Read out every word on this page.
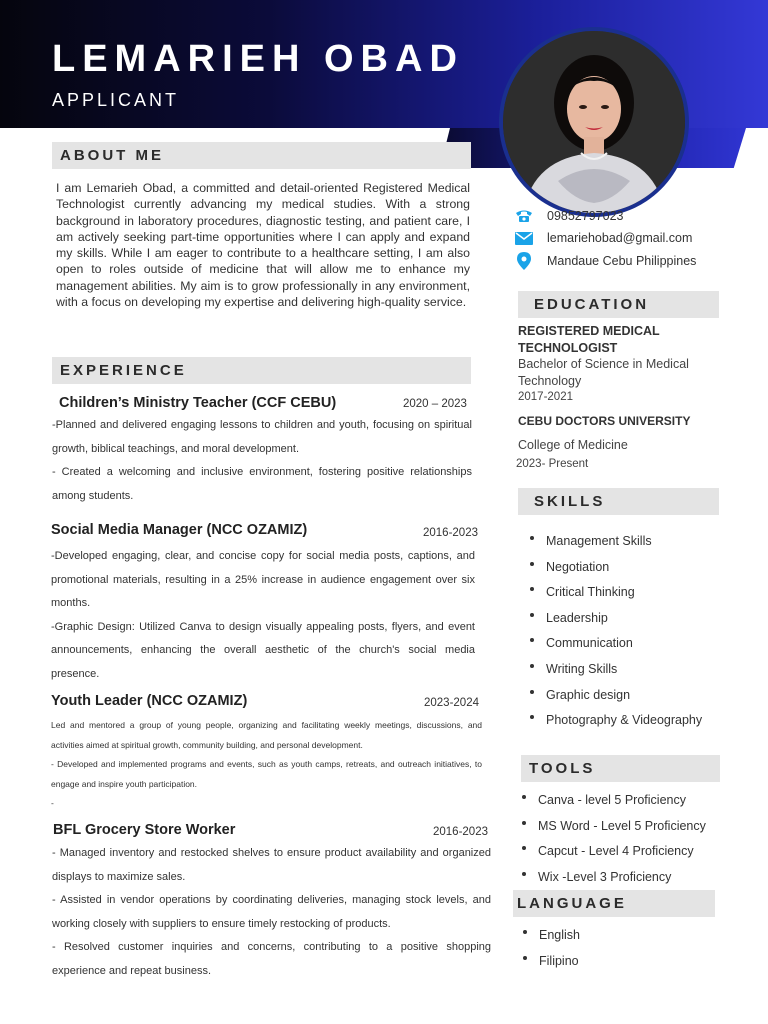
LEMARIEH OBAD
APPLICANT
ABOUT ME
I am Lemarieh Obad, a committed and detail-oriented Registered Medical Technologist currently advancing my medical studies. With a strong background in laboratory procedures, diagnostic testing, and patient care, I am actively seeking part-time opportunities where I can apply and expand my skills. While I am eager to contribute to a healthcare setting, I am also open to roles outside of medicine that will allow me to enhance my management abilities. My aim is to grow professionally in any environment, with a focus on developing my expertise and delivering high-quality service.
EXPERIENCE
Children’s Ministry Teacher (CCF CEBU)	2020 – 2023
-Planned and delivered engaging lessons to children and youth, focusing on spiritual growth, biblical teachings, and moral development.
- Created a welcoming and inclusive environment, fostering positive relationships among students.
Social Media Manager (NCC OZAMIZ)	2016-2023
-Developed engaging, clear, and concise copy for social media posts, captions, and promotional materials, resulting in a 25% increase in audience engagement over six months.
-Graphic Design: Utilized Canva to design visually appealing posts, flyers, and event announcements, enhancing the overall aesthetic of the church's social media presence.
Youth Leader (NCC OZAMIZ)	2023-2024
Led and mentored a group of young people, organizing and facilitating weekly meetings, discussions, and activities aimed at spiritual growth, community building, and personal development.
- Developed and implemented programs and events, such as youth camps, retreats, and outreach initiatives, to engage and inspire youth participation.
-
BFL Grocery Store Worker	2016-2023
- Managed inventory and restocked shelves to ensure product availability and organized displays to maximize sales.
- Assisted in vendor operations by coordinating deliveries, managing stock levels, and working closely with suppliers to ensure timely restocking of products.
- Resolved customer inquiries and concerns, contributing to a positive shopping experience and repeat business.
09852797023
lemariehobad@gmail.com
Mandaue Cebu Philippines
EDUCATION
REGISTERED MEDICAL TECHNOLOGIST
Bachelor of Science in Medical Technology
2017-2021
CEBU DOCTORS UNIVERSITY
College of Medicine
2023- Present
SKILLS
Management Skills
Negotiation
Critical Thinking
Leadership
Communication
Writing Skills
Graphic design
Photography & Videography
TOOLS
Canva - level 5 Proficiency
MS Word - Level 5 Proficiency
Capcut - Level 4 Proficiency
Wix -Level 3 Proficiency
LANGUAGE
English
Filipino
